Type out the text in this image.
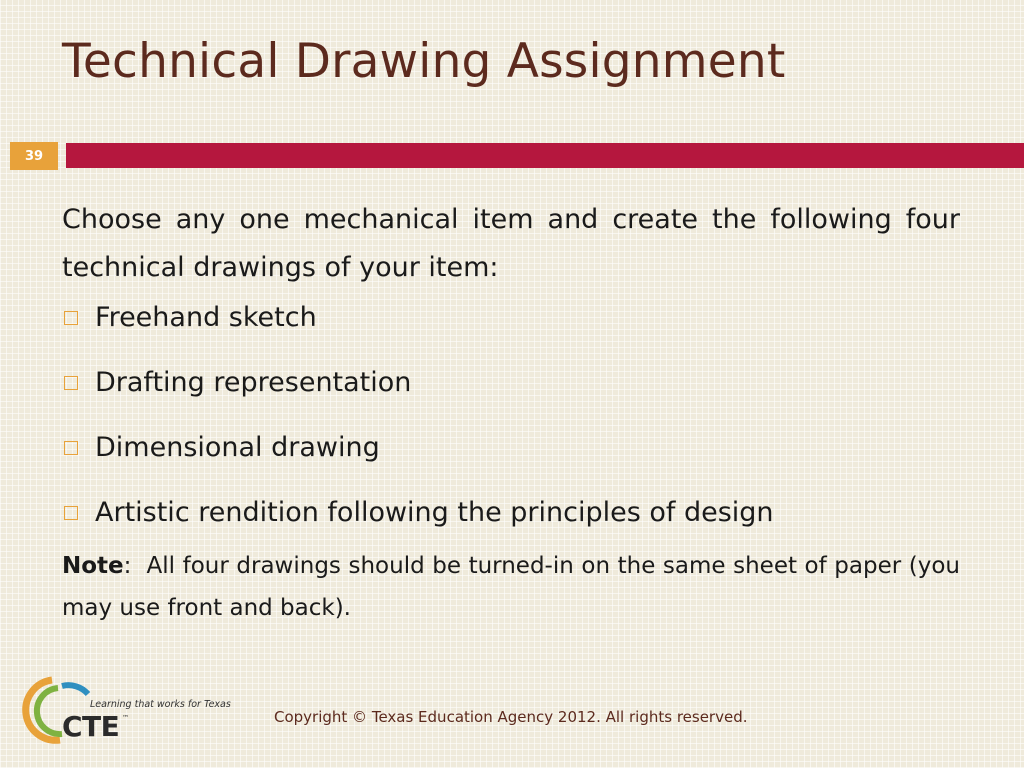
Technical Drawing Assignment
39

Choose any one mechanical item and create the following four technical drawings of your item:

Freehand sketch
Drafting representation
Dimensional drawing
Artistic rendition following the principles of design

Note: All four drawings should be turned-in on the same sheet of paper (you may use front and back).

Learning that works for Texas
CTE ™	Copyright © Texas Education Agency 2012. All rights reserved.
